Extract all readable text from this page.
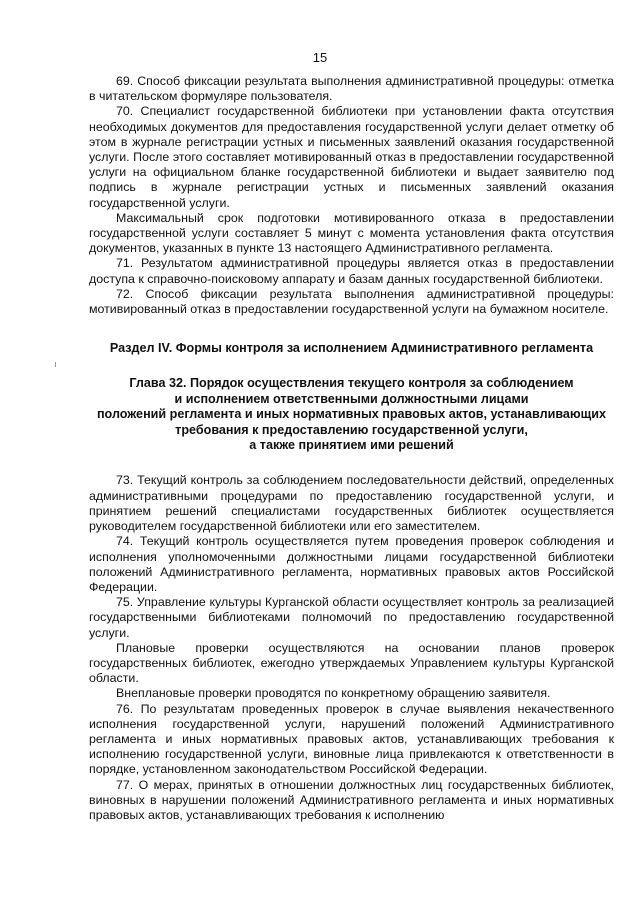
15

69. Способ фиксации результата выполнения административной процедуры: отметка в читательском формуляре пользователя.

70. Специалист государственной библиотеки при установлении факта отсутствия необходимых документов для предоставления государственной услуги делает отметку об этом в журнале регистрации устных и письменных заявлений оказания государственной услуги. После этого составляет мотивированный отказ в предоставлении государственной услуги на официальном бланке государственной библиотеки и выдает заявителю под подпись в журнале регистрации устных и письменных заявлений оказания государственной услуги.

Максимальный срок подготовки мотивированного отказа в предоставлении государственной услуги составляет 5 минут с момента установления факта отсутствия документов, указанных в пункте 13 настоящего Административного регламента.

71. Результатом административной процедуры является отказ в предоставлении доступа к справочно-поисковому аппарату и базам данных государственной библиотеки.

72. Способ фиксации результата выполнения административной процедуры: мотивированный отказ в предоставлении государственной услуги на бумажном носителе.

Раздел IV. Формы контроля за исполнением Административного регламента

Глава 32. Порядок осуществления текущего контроля за соблюдением
и исполнением ответственными должностными лицами
положений регламента и иных нормативных правовых актов, устанавливающих
требования к предоставлению государственной услуги,
а также принятием ими решений

73. Текущий контроль за соблюдением последовательности действий, определенных административными процедурами по предоставлению государственной услуги, и принятием решений специалистами государственных библиотек осуществляется руководителем государственной библиотеки или его заместителем.

74. Текущий контроль осуществляется путем проведения проверок соблюдения и исполнения уполномоченными должностными лицами государственной библиотеки положений Административного регламента, нормативных правовых актов Российской Федерации.

75. Управление культуры Курганской области осуществляет контроль за реализацией государственными библиотеками полномочий по предоставлению государственной услуги.

Плановые проверки осуществляются на основании планов проверок государственных библиотек, ежегодно утверждаемых Управлением культуры Курганской области.

Внеплановые проверки проводятся по конкретному обращению заявителя.

76. По результатам проведенных проверок в случае выявления некачественного исполнения государственной услуги, нарушений положений Административного регламента и иных нормативных правовых актов, устанавливающих требования к исполнению государственной услуги, виновные лица привлекаются к ответственности в порядке, установленном законодательством Российской Федерации.

77. О мерах, принятых в отношении должностных лиц государственных библиотек, виновных в нарушении положений Административного регламента и иных нормативных правовых актов, устанавливающих требования к исполнению
